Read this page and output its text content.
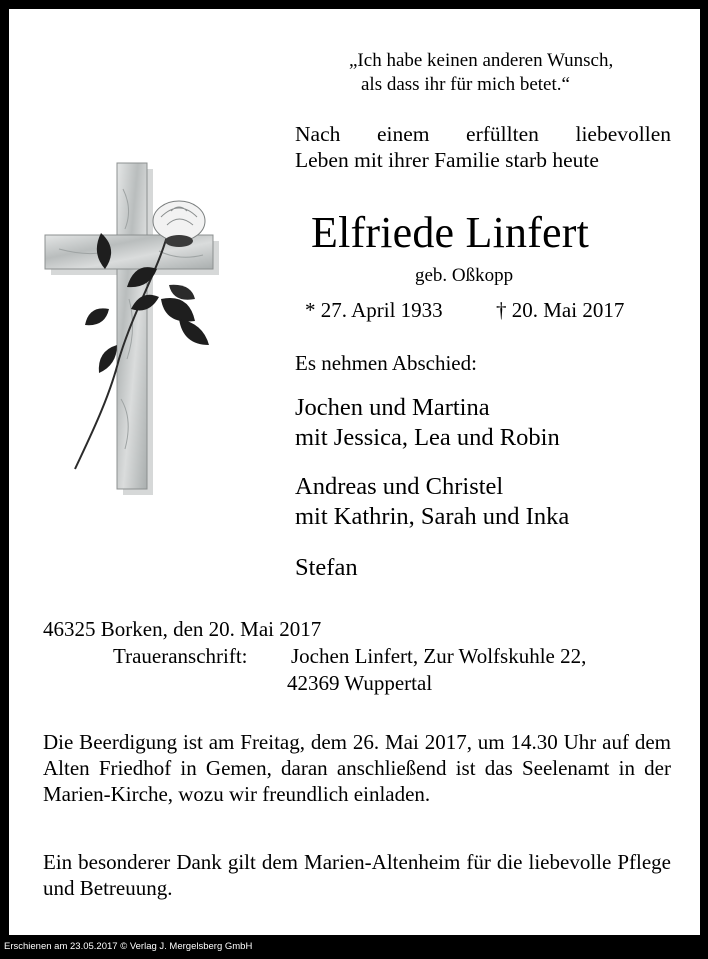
„Ich habe keinen anderen Wunsch,
als dass ihr für mich betet.“
Nach einem erfüllten liebevollen
Leben mit ihrer Familie starb heute
Elfriede Linfert
geb. Oßkopp
* 27. April 1933	† 20. Mai 2017
Es nehmen Abschied:
Jochen und Martina
mit Jessica, Lea und Robin
Andreas und Christel
mit Kathrin, Sarah und Inka
Stefan
46325 Borken, den 20. Mai 2017
Traueranschrift: Jochen Linfert, Zur Wolfskuhle 22,
42369 Wuppertal
Die Beerdigung ist am Freitag, dem 26. Mai 2017, um 14.30 Uhr auf dem Alten Friedhof in Gemen, daran anschließend ist das Seelenamt in der Marien-Kirche, wozu wir freundlich einladen.
Ein besonderer Dank gilt dem Marien-Altenheim für die liebevolle Pflege und Betreuung.
Erschienen am 23.05.2017 © Verlag J. Mergelsberg GmbH
